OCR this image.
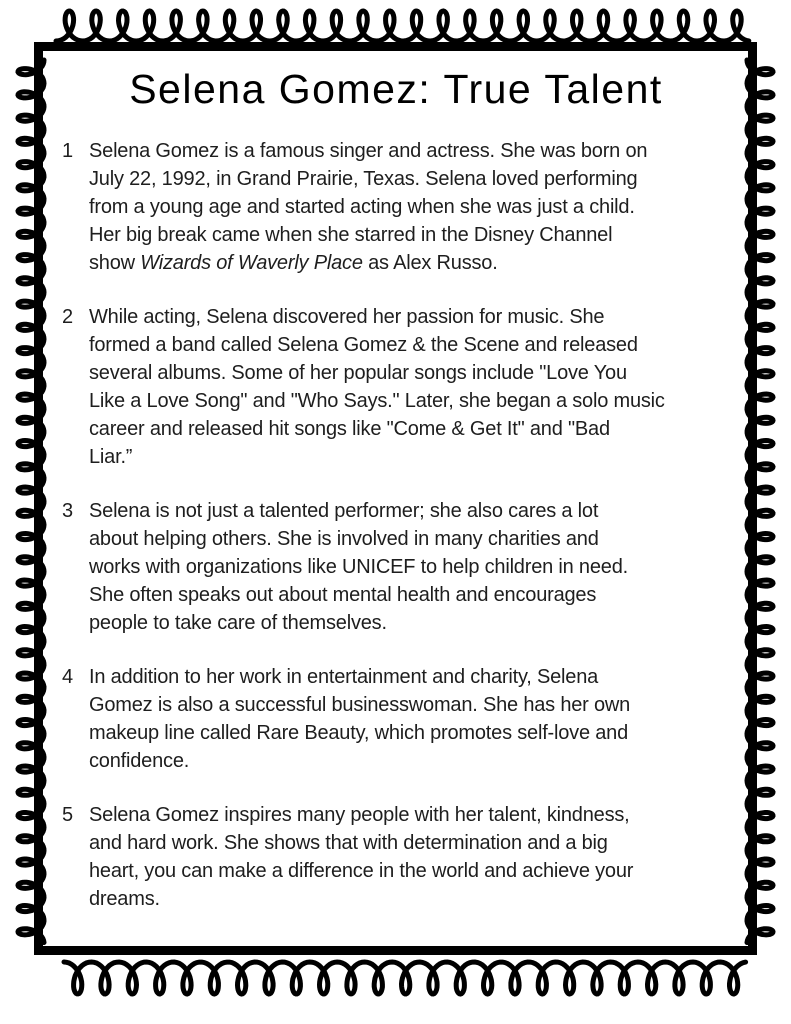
Selena Gomez: True Talent
1 Selena Gomez is a famous singer and actress. She was born on
July 22, 1992, in Grand Prairie, Texas. Selena loved performing
from a young age and started acting when she was just a child.
Her big break came when she starred in the Disney Channel
show Wizards of Waverly Place as Alex Russo.
2 While acting, Selena discovered her passion for music. She
formed a band called Selena Gomez & the Scene and released
several albums. Some of her popular songs include "Love You
Like a Love Song" and "Who Says." Later, she began a solo music
career and released hit songs like "Come & Get It" and "Bad
Liar.”
3 Selena is not just a talented performer; she also cares a lot
about helping others. She is involved in many charities and
works with organizations like UNICEF to help children in need.
She often speaks out about mental health and encourages
people to take care of themselves.
4 In addition to her work in entertainment and charity, Selena
Gomez is also a successful businesswoman. She has her own
makeup line called Rare Beauty, which promotes self-love and
confidence.
5 Selena Gomez inspires many people with her talent, kindness,
and hard work. She shows that with determination and a big
heart, you can make a difference in the world and achieve your
dreams.
